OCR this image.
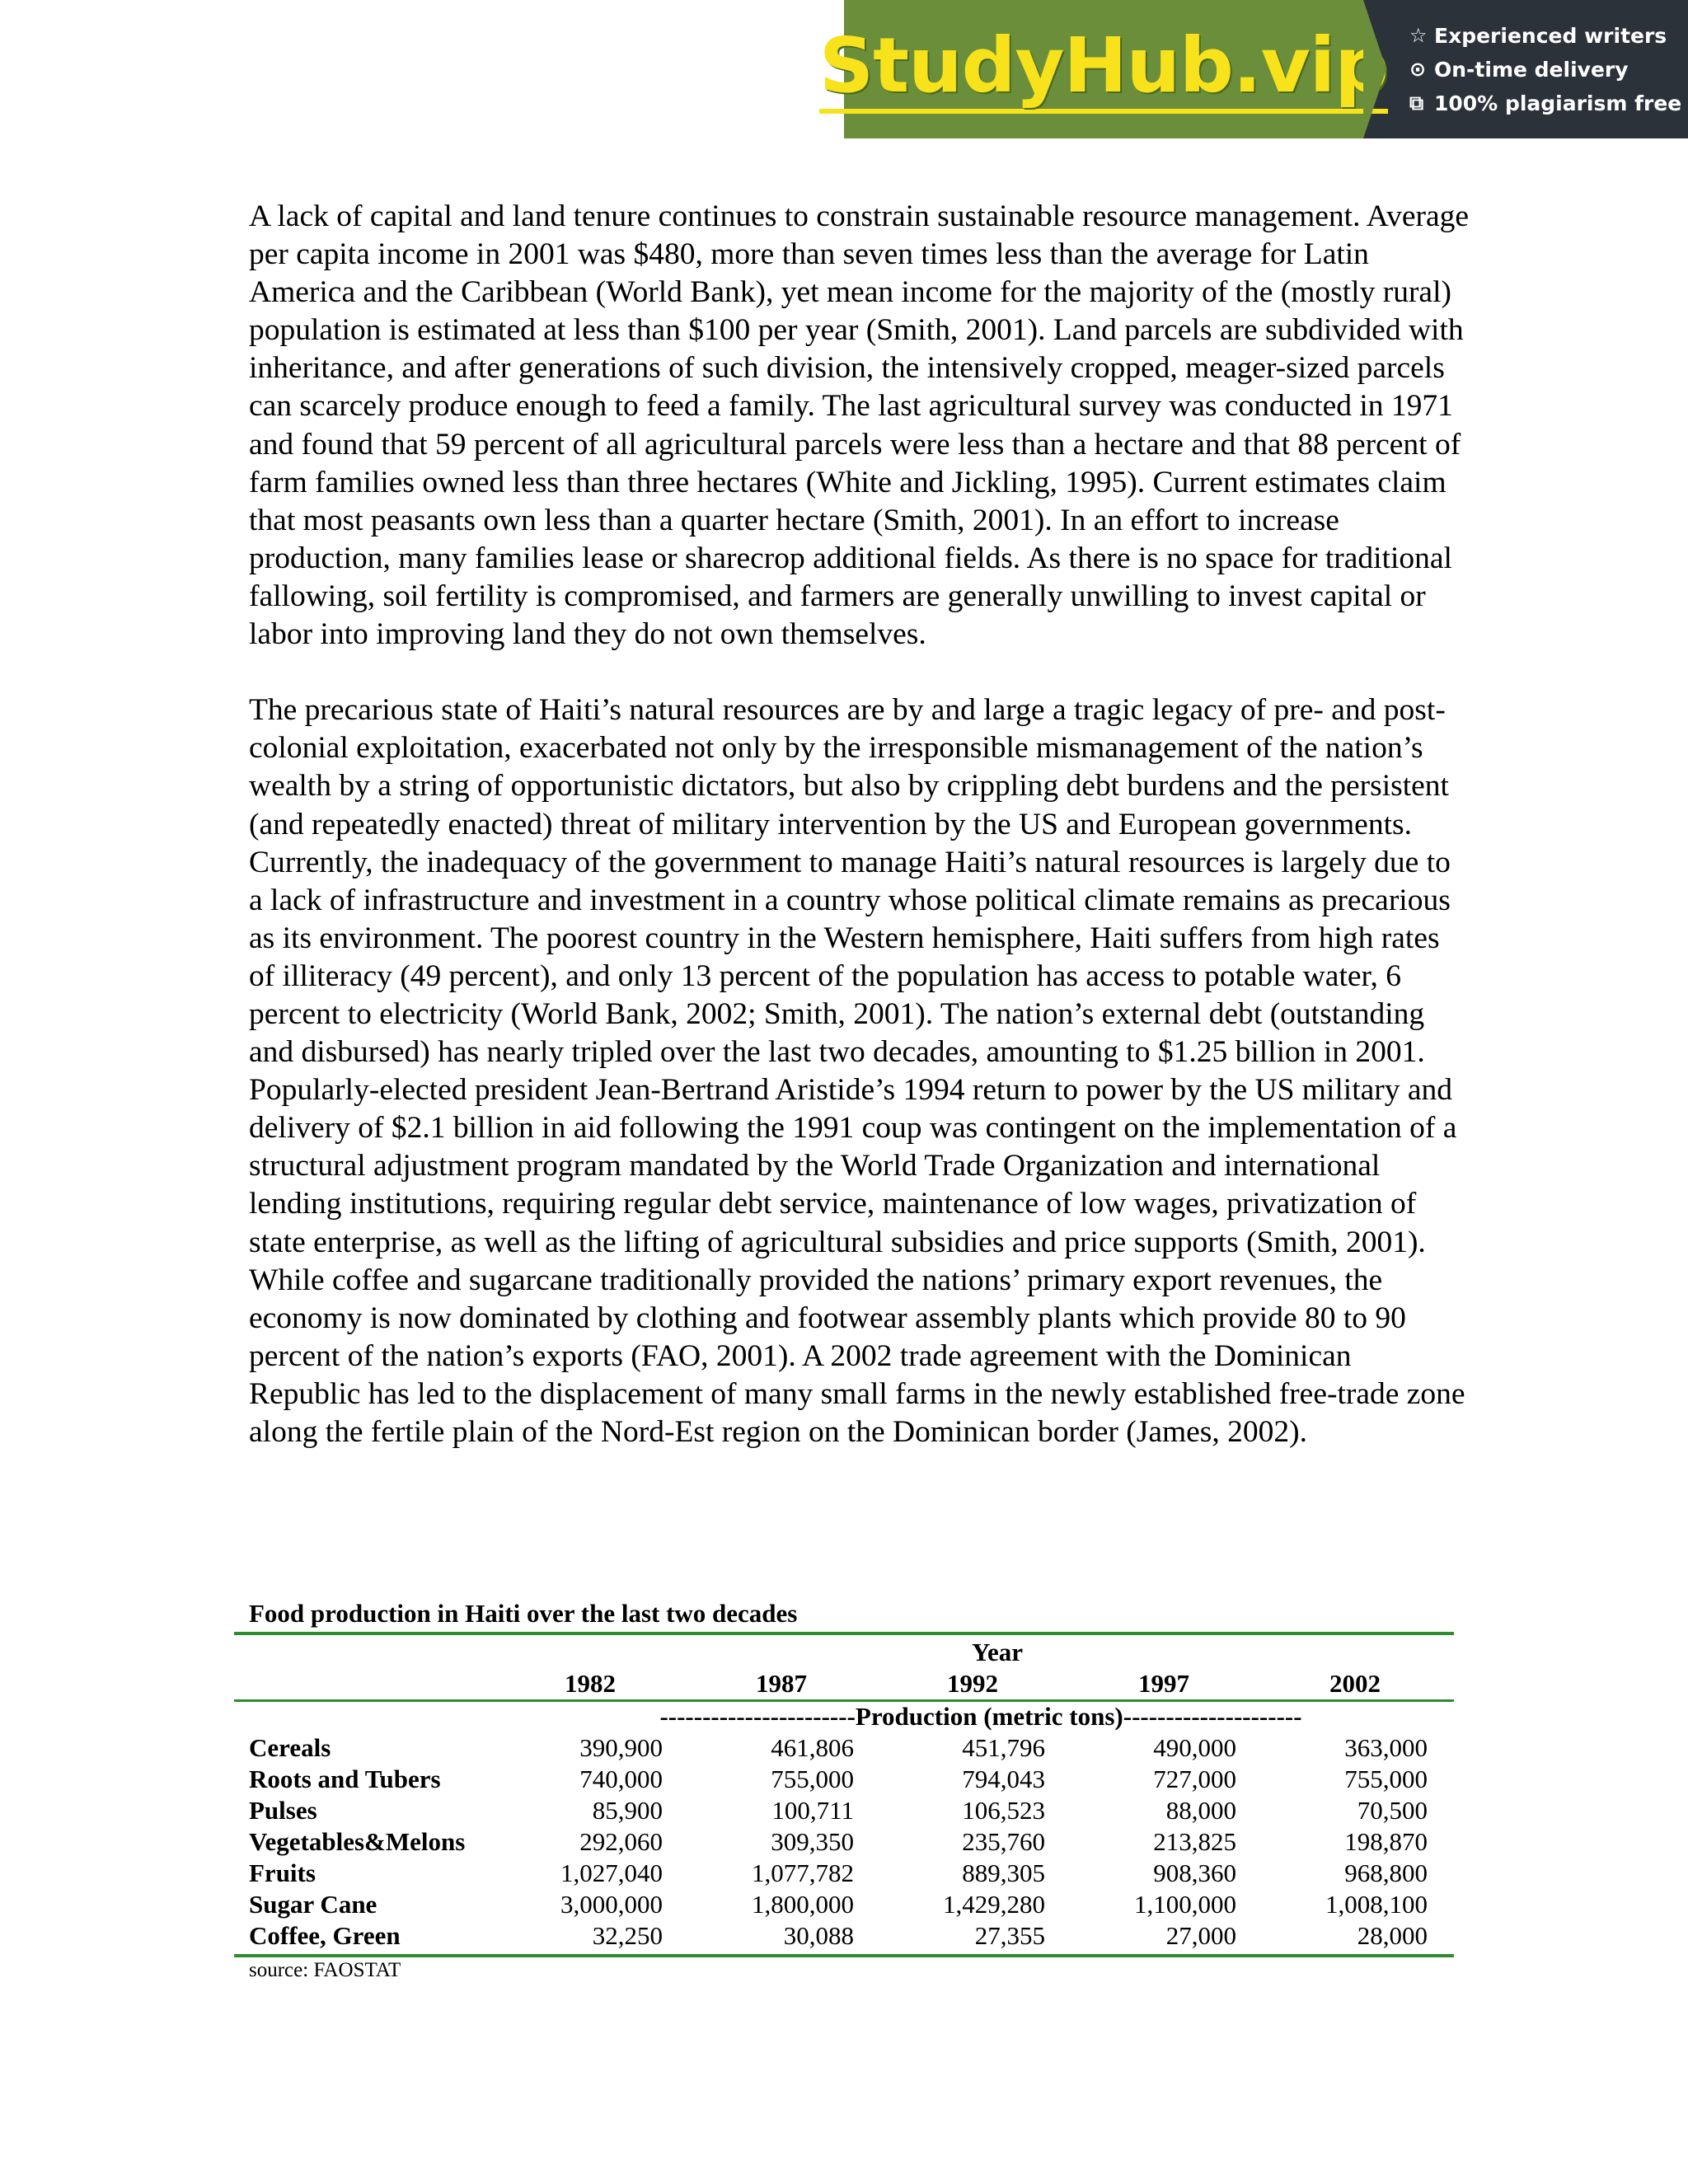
StudyHub.vip ☆ Experienced writers
⊙ On-time delivery
⧉ 100% plagiarism free

A lack of capital and land tenure continues to constrain sustainable resource management. Average per capita income in 2001 was $480, more than seven times less than the average for Latin America and the Caribbean (World Bank), yet mean income for the majority of the (mostly rural) population is estimated at less than $100 per year (Smith, 2001). Land parcels are subdivided with inheritance, and after generations of such division, the intensively cropped, meager-sized parcels can scarcely produce enough to feed a family. The last agricultural survey was conducted in 1971 and found that 59 percent of all agricultural parcels were less than a hectare and that 88 percent of farm families owned less than three hectares (White and Jickling, 1995). Current estimates claim that most peasants own less than a quarter hectare (Smith, 2001). In an effort to increase production, many families lease or sharecrop additional fields. As there is no space for traditional fallowing, soil fertility is compromised, and farmers are generally unwilling to invest capital or labor into improving land they do not own themselves.

The precarious state of Haiti’s natural resources are by and large a tragic legacy of pre- and post-colonial exploitation, exacerbated not only by the irresponsible mismanagement of the nation’s wealth by a string of opportunistic dictators, but also by crippling debt burdens and the persistent (and repeatedly enacted) threat of military intervention by the US and European governments. Currently, the inadequacy of the government to manage Haiti’s natural resources is largely due to a lack of infrastructure and investment in a country whose political climate remains as precarious as its environment. The poorest country in the Western hemisphere, Haiti suffers from high rates of illiteracy (49 percent), and only 13 percent of the population has access to potable water, 6 percent to electricity (World Bank, 2002; Smith, 2001). The nation’s external debt (outstanding and disbursed) has nearly tripled over the last two decades, amounting to $1.25 billion in 2001. Popularly-elected president Jean-Bertrand Aristide’s 1994 return to power by the US military and delivery of $2.1 billion in aid following the 1991 coup was contingent on the implementation of a structural adjustment program mandated by the World Trade Organization and international lending institutions, requiring regular debt service, maintenance of low wages, privatization of state enterprise, as well as the lifting of agricultural subsidies and price supports (Smith, 2001). While coffee and sugarcane traditionally provided the nations’ primary export revenues, the economy is now dominated by clothing and footwear assembly plants which provide 80 to 90 percent of the nation’s exports (FAO, 2001). A 2002 trade agreement with the Dominican Republic has led to the displacement of many small farms in the newly established free-trade zone along the fertile plain of the Nord-Est region on the Dominican border (James, 2002).

Food production in Haiti over the last two decades
Year
1982	1987	1992	1997	2002
-----------------------Production (metric tons)---------------------
Cereals	390,900	461,806	451,796	490,000	363,000
Roots and Tubers	740,000	755,000	794,043	727,000	755,000
Pulses	85,900	100,711	106,523	88,000	70,500
Vegetables&Melons	292,060	309,350	235,760	213,825	198,870
Fruits	1,027,040	1,077,782	889,305	908,360	968,800
Sugar Cane	3,000,000	1,800,000	1,429,280	1,100,000	1,008,100
Coffee, Green	32,250	30,088	27,355	27,000	28,000
source: FAOSTAT
